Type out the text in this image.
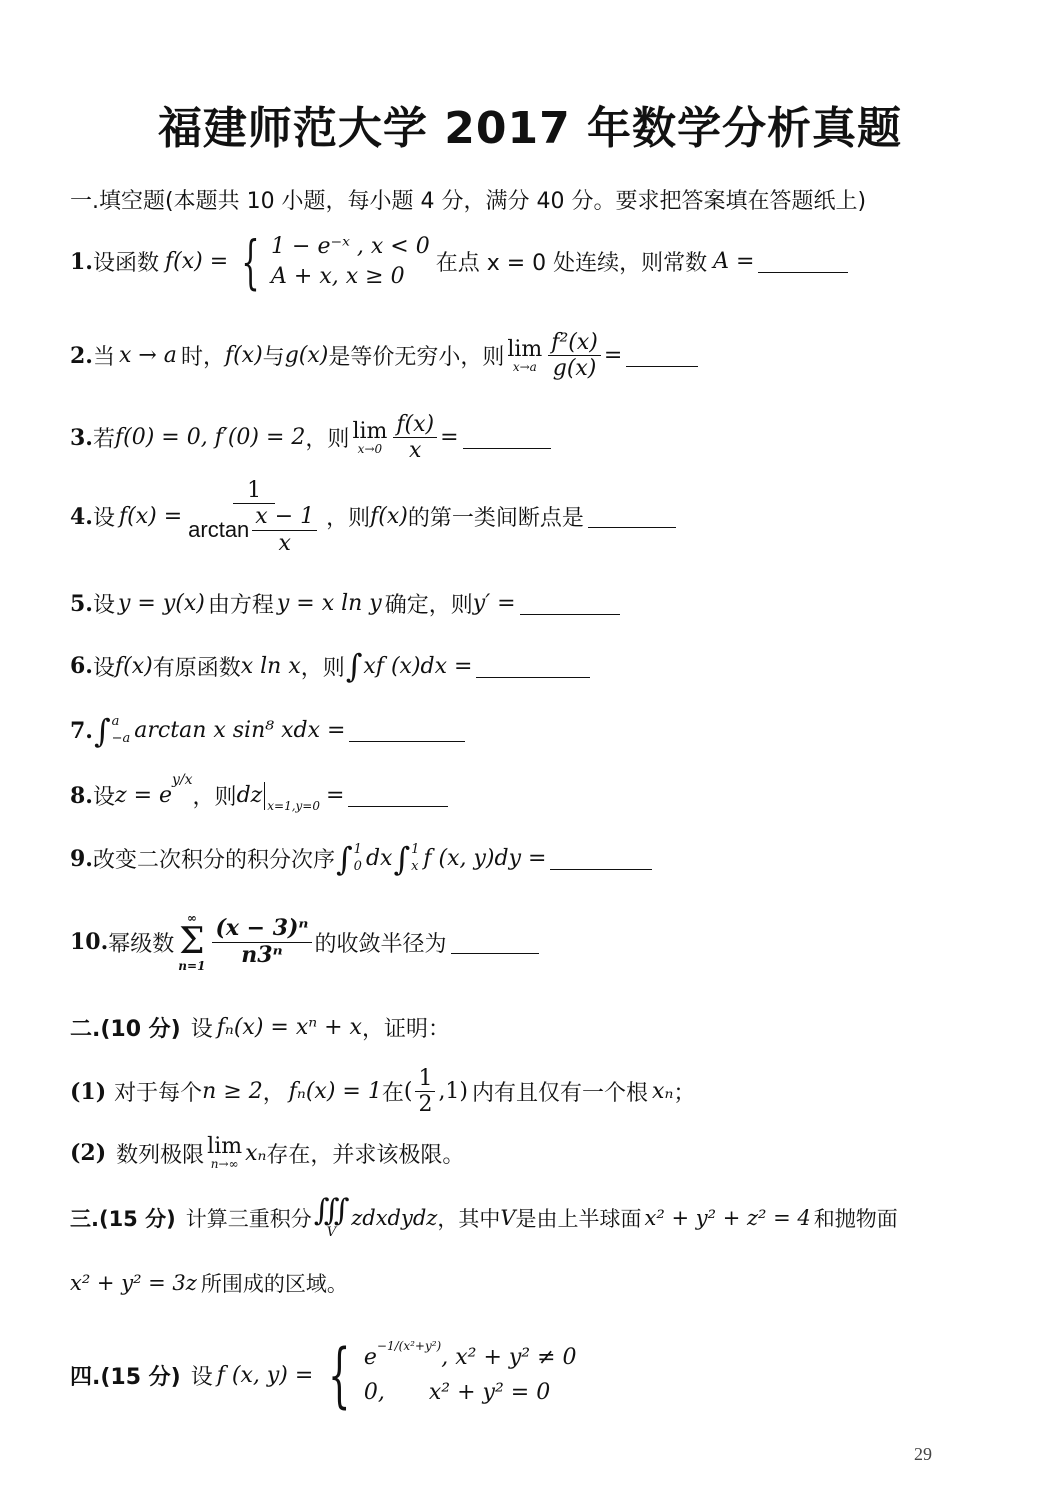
福建师范大学 2017 年数学分析真题
一.填空题(本题共 10 小题，每小题 4 分，满分 40 分。要求把答案填在答题纸上)
1. 设函数 f(x) = { 1 − e⁻ˣ , x < 0
A + x, x ≥ 0	在点 x = 0 处连续，则常数 A =
2. 当 x → a 时， f(x) 与 g(x) 是等价无穷小，则 lim
$x\to a \frac{\text{f²(x)}}{g(x)}$ =
3. 若 f(0) = 0, f′(0) = 2 ，则 lim
$x\to 0 \frac{f(x)}{x}$ =
4. 设 $f(x) = \frac{1}{\arctan \frac{x - 1}{x}}$ ，则 f(x) 的第一类间断点是
5. 设 y = y(x) 由方程 y = x ln y 确定，则 y′ =
6. 设 f(x) 有原函数 x ln x ，则 ∫ xf (x)dx =
7. ∫ a
−a arctan x sin⁸ xdx =
8. 设 z = e
y/x
，则 dz x=1,y=0 =
9. 改变二次积分的积分次序 ∫ 1
0 dx ∫ 1
x f (x, y)dy =
10. 幂级数
∞
Σ
$n=1 \frac{\text{(x − 3)ⁿ}}{\text{n3ⁿ}}$ 的收敛半径为
二.(10 分) 设 fₙ(x) = xⁿ + x ，证明：
(1) 对于每个 n ≥ 2 ， fₙ(x) = 1 在 ( $\frac{1}{2} ,1$) 内有且仅有一个根 xₙ ；
(2) 数列极限 lim
n→∞ xₙ 存在，并求该极限。
三.(15 分) 计算三重积分 ∭
V
zdxdydz ，其中 V 是由上半球面 x² + y² + z² = 4 和抛物面
x² + y² = 3z 所围成的区域。
四.(15 分) 设 f (x, y) = { $e^{-1/(x^2+y^2)}$, x² + y² ≠ 0
0, x² + y² = 0
29
